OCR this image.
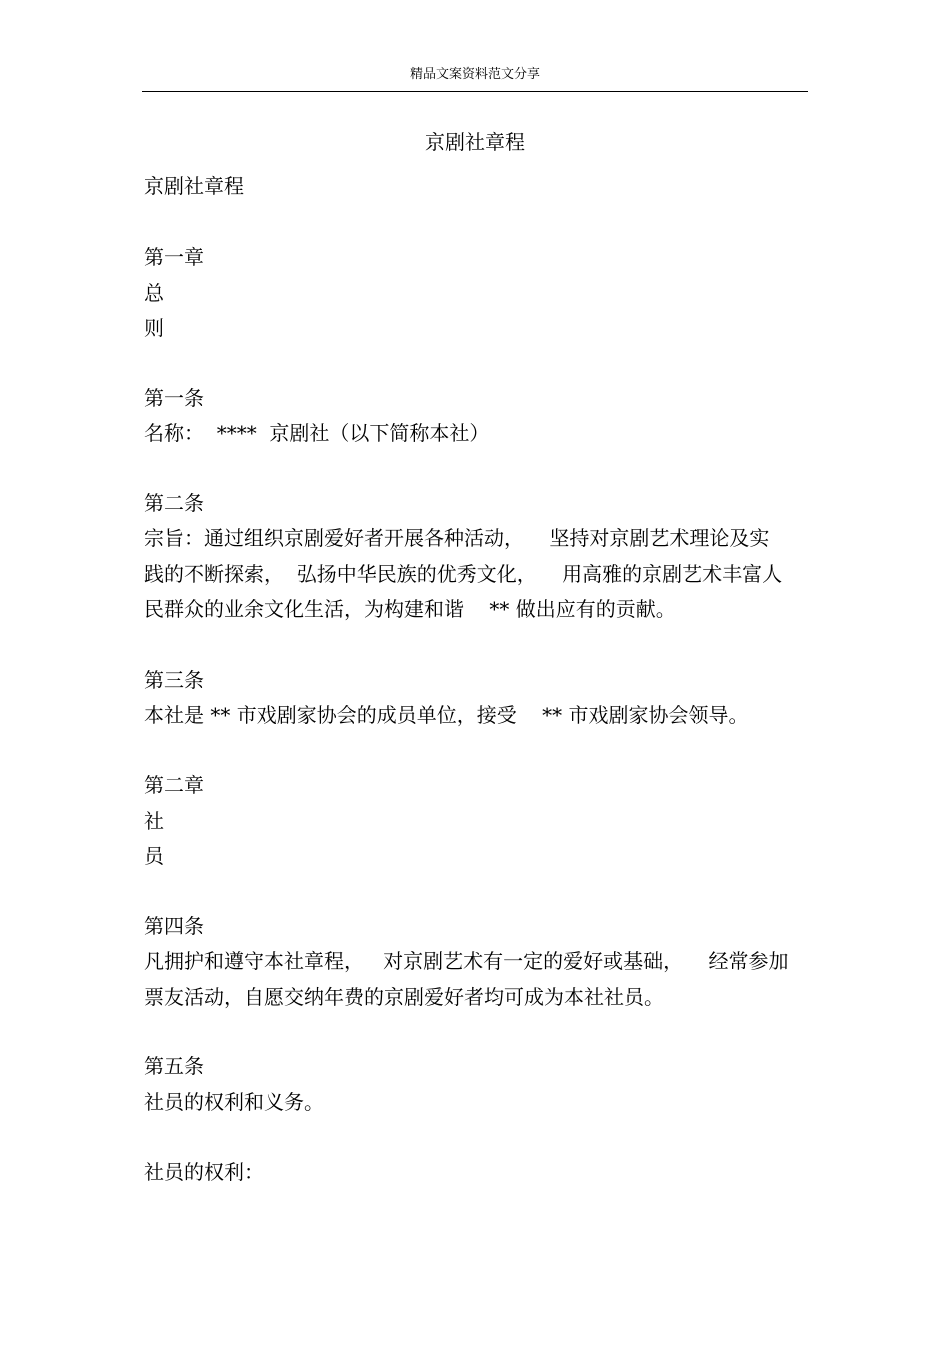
精品文案资料范文分享
京剧社章程
京剧社章程
第一章
总
则
第一条
名称：  ****  京剧社（以下简称本社）
第二条
宗旨：通过组织京剧爱好者开展各种活动，    坚持对京剧艺术理论及实
践的不断探索，  弘扬中华民族的优秀文化，    用高雅的京剧艺术丰富人
民群众的业余文化生活，为构建和谐    ** 做出应有的贡献。
第三条
本社是 ** 市戏剧家协会的成员单位，接受    ** 市戏剧家协会领导。
第二章
社
员
第四条
凡拥护和遵守本社章程，   对京剧艺术有一定的爱好或基础，    经常参加
票友活动，自愿交纳年费的京剧爱好者均可成为本社社员。
第五条
社员的权利和义务。
社员的权利：
